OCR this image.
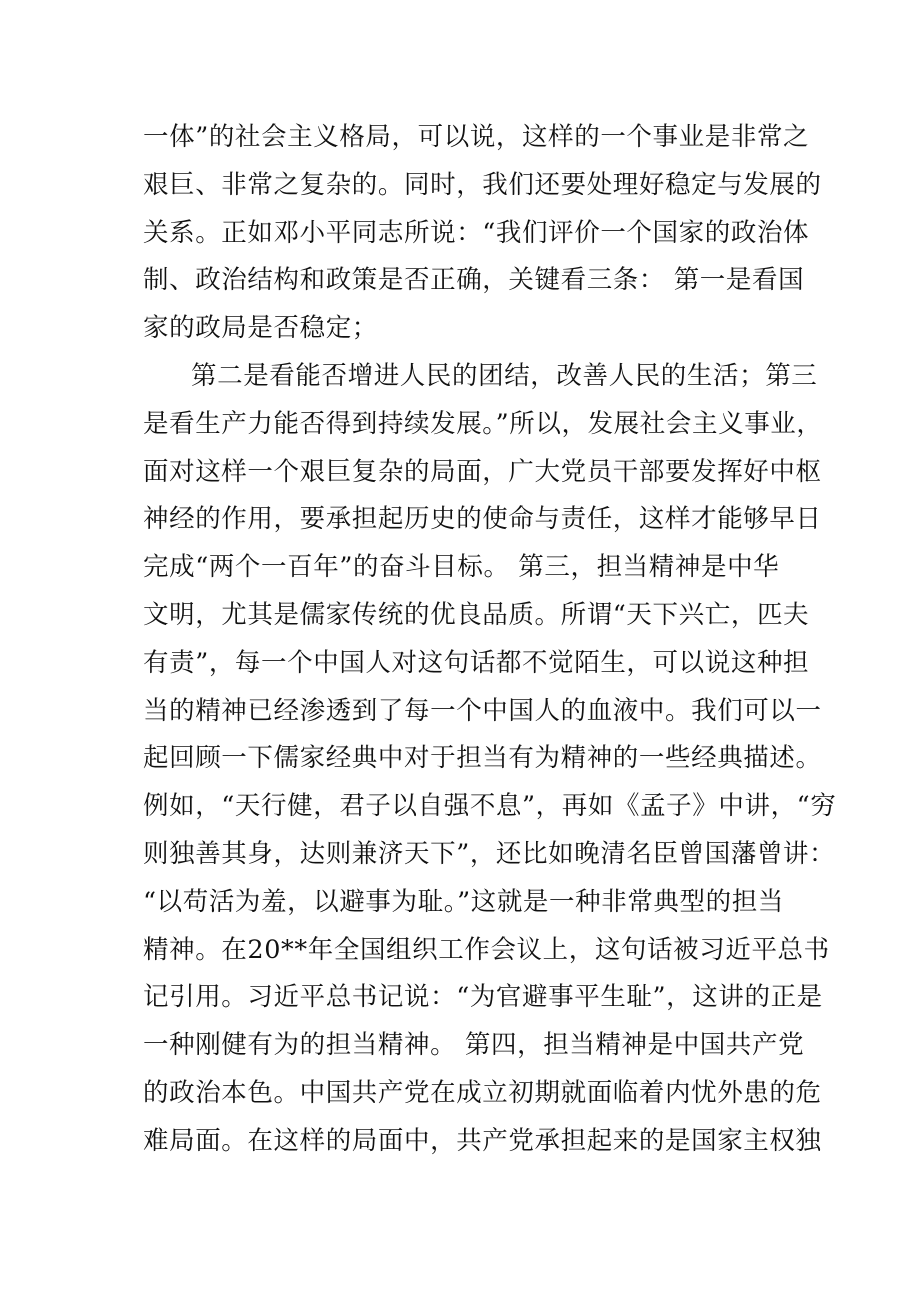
一体”的社会主义格局，可以说，这样的一个事业是非常之
艰巨、非常之复杂的。同时，我们还要处理好稳定与发展的
关系。正如邓小平同志所说：“我们评价一个国家的政治体
制、政治结构和政策是否正确，关键看三条： 第一是看国
家的政局是否稳定；
第二是看能否增进人民的团结，改善人民的生活；第三
是看生产力能否得到持续发展。”所以，发展社会主义事业，
面对这样一个艰巨复杂的局面，广大党员干部要发挥好中枢
神经的作用，要承担起历史的使命与责任，这样才能够早日
完成“两个一百年”的奋斗目标。 第三，担当精神是中华
文明，尤其是儒家传统的优良品质。所谓“天下兴亡，匹夫
有责”，每一个中国人对这句话都不觉陌生，可以说这种担
当的精神已经渗透到了每一个中国人的血液中。我们可以一
起回顾一下儒家经典中对于担当有为精神的一些经典描述。
例如，“天行健，君子以自强不息”，再如《孟子》中讲，“穷
则独善其身，达则兼济天下”，还比如晚清名臣曾国藩曾讲：
“以苟活为羞，以避事为耻。”这就是一种非常典型的担当
精神。在20**年全国组织工作会议上，这句话被习近平总书
记引用。习近平总书记说：“为官避事平生耻”，这讲的正是
一种刚健有为的担当精神。 第四，担当精神是中国共产党
的政治本色。中国共产党在成立初期就面临着内忧外患的危
难局面。在这样的局面中，共产党承担起来的是国家主权独
